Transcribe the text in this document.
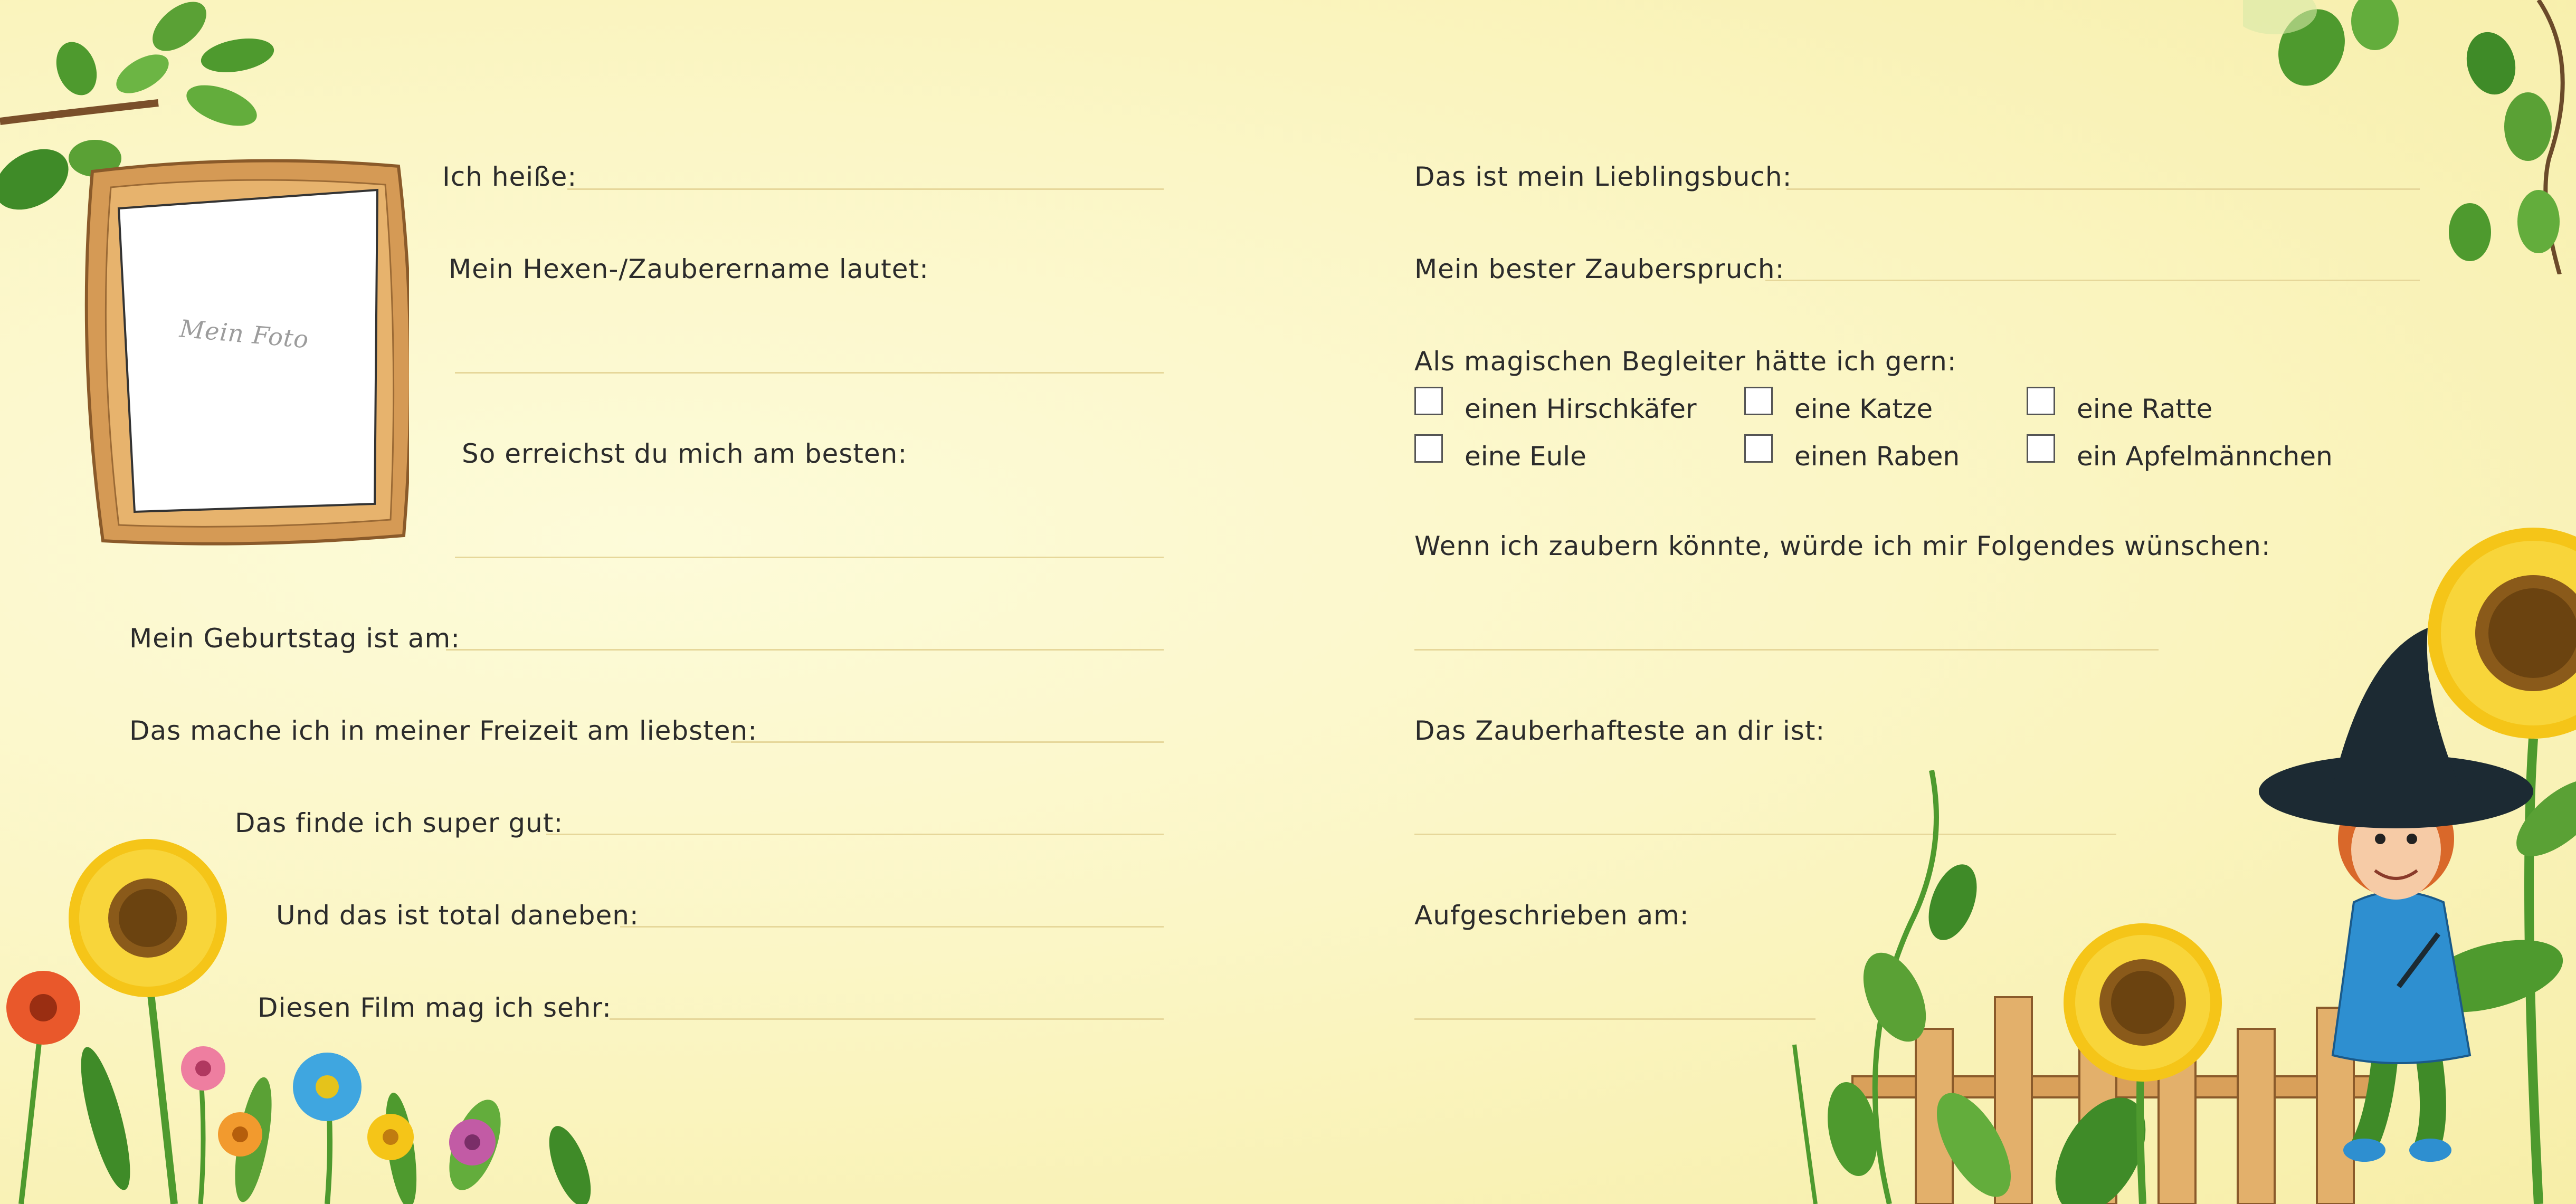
Mein Foto
Ich heiße:
Mein Hexen-/Zauberername lautet:
So erreichst du mich am besten:
Mein Geburtstag ist am:
Das mache ich in meiner Freizeit am liebsten:
Das finde ich super gut:
Und das ist total daneben:
Diesen Film mag ich sehr:
Das ist mein Lieblingsbuch:
Mein bester Zauberspruch:
Als magischen Begleiter hätte ich gern:
einen Hirschkäfer	eine Katze	eine Ratte
eine Eule	einen Raben	ein Apfelmännchen
Wenn ich zaubern könnte, würde ich mir Folgendes wünschen:
Das Zauberhafteste an dir ist:
Aufgeschrieben am:
